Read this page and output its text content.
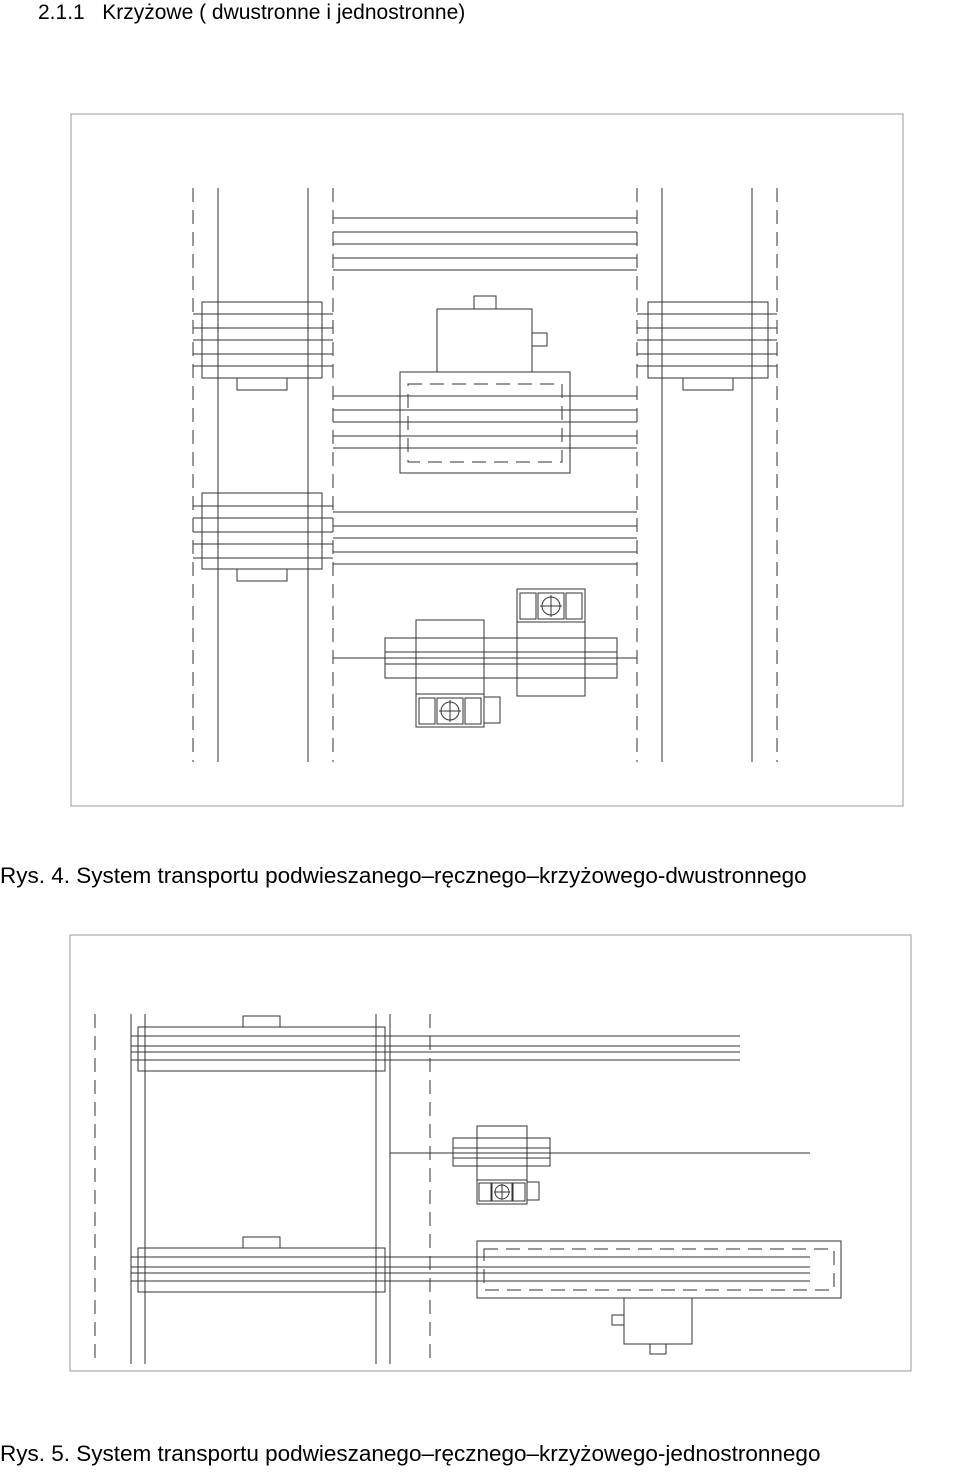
2.1.1 Krzyżowe ( dwustronne i jednostronne)
Rys. 4. System transportu podwieszanego–ręcznego–krzyżowego-dwustronnego
Rys. 5. System transportu podwieszanego–ręcznego–krzyżowego-jednostronnego
